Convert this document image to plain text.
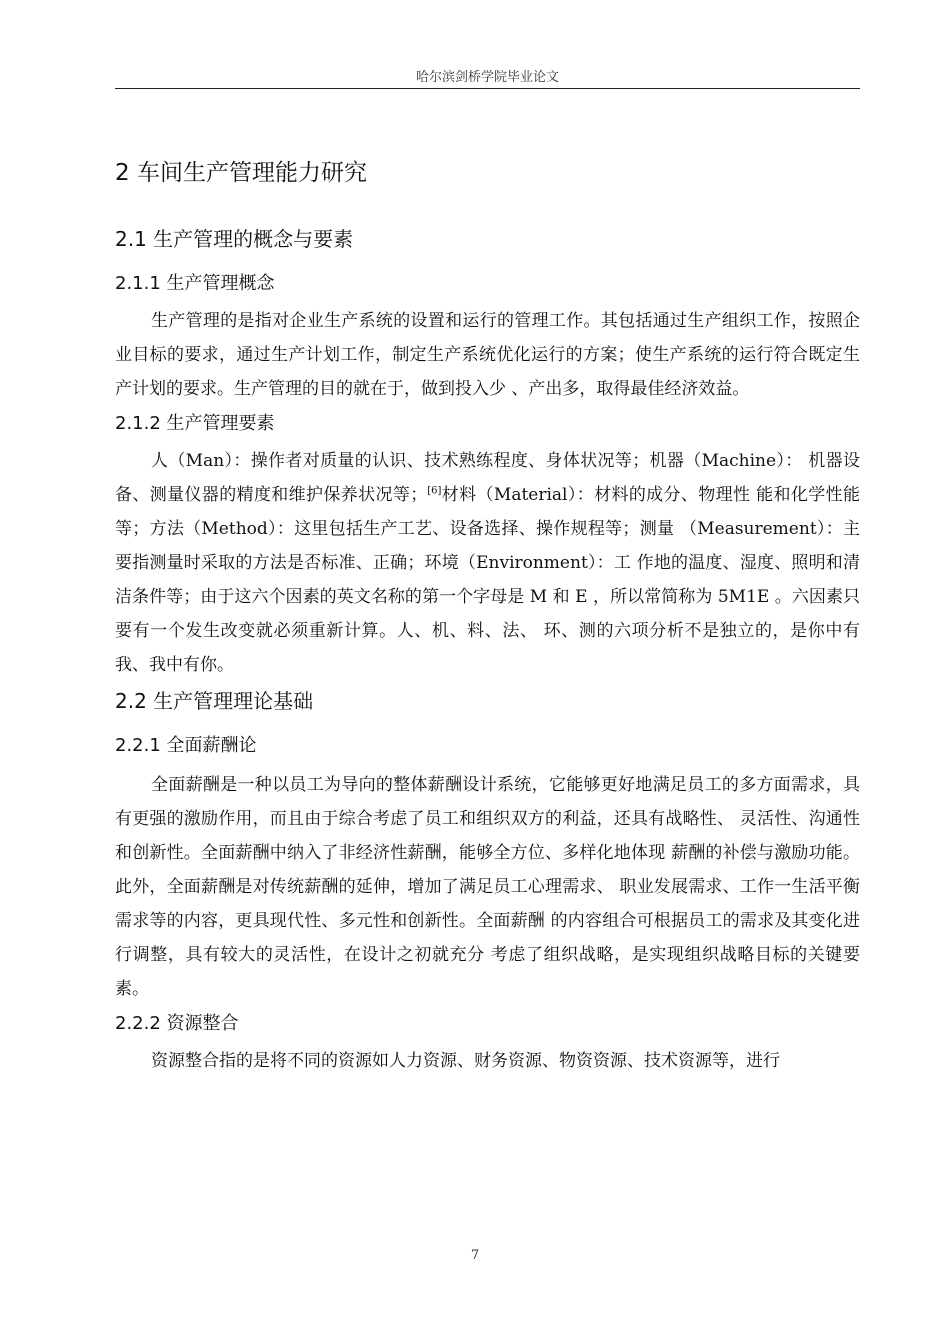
哈尔滨剑桥学院毕业论文
2 车间生产管理能力研究
2.1 生产管理的概念与要素
2.1.1 生产管理概念

生产管理的是指对企业生产系统的设置和运行的管理工作。其包括通过生产组织工作，按照企业目标的要求，通过生产计划工作，制定生产系统优化运行的方案；使生产系统的运行符合既定生产计划的要求。生产管理的目的就在于，做到投入少 、产出多，取得最佳经济效益。

2.1.2 生产管理要素

人（Man）：操作者对质量的认识、技术熟练程度、身体状况等；机器（Machine）： 机器设备、测量仪器的精度和维护保养状况等；[6]材料（Material）：材料的成分、物理性 能和化学性能等；方法（Method）：这里包括生产工艺、设备选择、操作规程等；测量 （Measurement）：主要指测量时采取的方法是否标准、正确；环境（Environment）：工 作地的温度、湿度、照明和清洁条件等；由于这六个因素的英文名称的第一个字母是 M 和 E ，所以常简称为 5M1E 。六因素只要有一个发生改变就必须重新计算。人、机、料、法、 环、测的六项分析不是独立的，是你中有我、我中有你。

2.2 生产管理理论基础
2.2.1 全面薪酬论

全面薪酬是一种以员工为导向的整体薪酬设计系统，它能够更好地满足员工的多方面需求，具有更强的激励作用，而且由于综合考虑了员工和组织双方的利益，还具有战略性、 灵活性、沟通性和创新性。全面薪酬中纳入了非经济性薪酬，能够全方位、多样化地体现 薪酬的补偿与激励功能。此外，全面薪酬是对传统薪酬的延伸，增加了满足员工心理需求、 职业发展需求、工作一生活平衡需求等的内容，更具现代性、多元性和创新性。全面薪酬 的内容组合可根据员工的需求及其变化进行调整，具有较大的灵活性，在设计之初就充分 考虑了组织战略，是实现组织战略目标的关键要素。

2.2.2 资源整合

资源整合指的是将不同的资源如人力资源、财务资源、物资资源、技术资源等，进行

7
